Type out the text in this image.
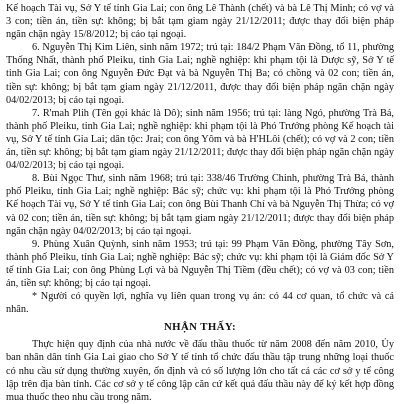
Kế hoạch Tài vụ, Sở Y tế tỉnh Gia Lai; con ông Lê Thành (chết) và bà Lê Thị Minh; có vợ và 3 con; tiền án, tiền sự: không; bị bắt tạm giam ngày 21/12/2011; được thay đổi biện pháp ngăn chặn ngày 15/8/2012; bị cáo tại ngoại.

6. Nguyễn Thị Kim Liên, sinh năm 1972; trú tại: 184/2 Phạm Văn Đồng, tổ 11, phường Thống Nhất, thành phố Pleiku, tỉnh Gia Lai; nghề nghiệp: khi phạm tội là Dược sỹ, Sở Y tế tỉnh Gia Lai; con ông Nguyễn Đức Đạt và bà Nguyễn Thị Ba; có chồng và 02 con; tiền án, tiền sự: không; bị bắt tạm giam ngày 21/12/2011, được thay đổi biện pháp ngăn chặn ngày 04/02/2013; bị cáo tại ngoại.

7. R'mah Plih (Tên gọi khác là Dô); sinh năm 1956; trú tại: làng Ngó, phường Trà Bá, thành phố Pleiku, tỉnh Gia Lai; nghề nghiệp: khi phạm tội là Phó Trưởng phòng Kế hoạch tài vụ, Sở Y tế tỉnh Gia Lai; dân tộc: Jrai; con ông Yôm và bà H'HLôi (chết); có vợ và 2 con; tiền án, tiền sự: không; bị bắt tạm giam ngày 21/12/2011; được thay đổi biện pháp ngăn chặn ngày 04/02/2013; bị cáo tại ngoại.

8. Bùi Ngọc Thư, sinh năm 1968; trú tại: 338/46 Trường Chinh, phường Trà Bá, thành phố Pleiku, tỉnh Gia Lai; nghề nghiệp: Bác sỹ; chức vụ: khi phạm tội là Phó Trưởng phòng Kế hoạch Tài vụ, Sở Y tế tỉnh Gia Lai; con ông Bùi Thanh Chí và bà Nguyễn Thị Thừa; có vợ và 02 con; tiền án, tiền sự: không; bị bắt tạm giam ngày 21/12/2011; được thay đổi biện pháp ngăn chặn ngày 04/02/2013; bị cáo tại ngoại.

9. Phùng Xuân Quỳnh, sinh năm 1953; trú tại: 99 Phạm Văn Đồng, phường Tây Sơn, thành phố Pleiku, tỉnh Gia Lai; nghề nghiệp: Bác sỹ; chức vụ: khi phạm tội là Giám đốc Sở Y tế tỉnh Gia Lai; con ông Phùng Lợi và bà Nguyễn Thị Tiềm (đều chết); có vợ và 03 con; tiền án, tiền sự: không; bị cáo tại ngoại.

* Người có quyền lợi, nghĩa vụ liên quan trong vụ án: có 44 cơ quan, tổ chức và cá nhân.

NHẬN THẤY:

Thực hiện quy định của nhà nước về đấu thầu thuốc từ năm 2008 đến năm 2010, Ủy ban nhân dân tỉnh Gia Lai giao cho Sở Y tế tỉnh tổ chức đấu thầu tập trung những loại thuốc có nhu cầu sử dụng thường xuyên, ổn định và có số lượng lớn cho tất cả các cơ sở y tế công lập trên địa bàn tỉnh. Các cơ sở y tế công lập căn cứ kết quả đấu thầu này để ký kết hợp đồng mua thuốc theo nhu cầu trong năm.
